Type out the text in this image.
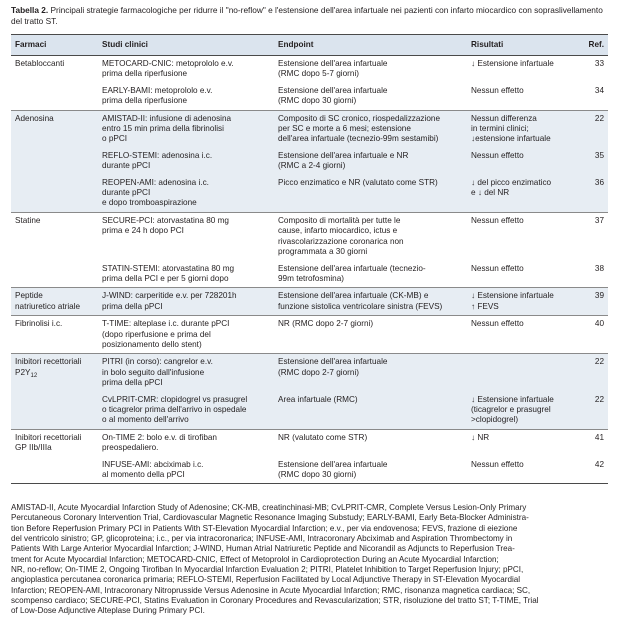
Tabella 2. Principali strategie farmacologiche per ridurre il "no-reflow" e l'estensione dell'area infartuale nei pazienti con infarto miocardico con sopraslivellamento del tratto ST.
Farmaci	Studi clinici	Endpoint	Risultati	Ref.

Betabloccanti	METOCARD-CNIC: metoprololo e.v.
prima della riperfusione	Estensione dell'area infartuale
(RMC dopo 5-7 giorni)	↓ Estensione infartuale	33

	EARLY-BAMI: metoprololo e.v.
prima della riperfusione	Estensione dell'area infartuale
(RMC dopo 30 giorni)	Nessun effetto	34

Adenosina	AMISTAD-II: infusione di adenosina
entro 15 min prima della fibrinolisi
o pPCI	Composito di SC cronico, riospedalizzazione
per SC e morte a 6 mesi; estensione
dell'area infartuale (tecnezio-99m sestamibi)	Nessun differenza
in termini clinici;
↓estensione infartuale	22

	REFLO-STEMI: adenosina i.c.
durante pPCI	Estensione dell'area infartuale e NR
(RMC a 2-4 giorni)	Nessun effetto	35

	REOPEN-AMI: adenosina i.c.
durante pPCI
e dopo tromboaspirazione	Picco enzimatico e NR (valutato come STR)	↓ del picco enzimatico
e ↓ del NR	36

Statine	SECURE-PCI: atorvastatina 80 mg
prima e 24 h dopo PCI	Composito di mortalità per tutte le
cause, infarto miocardico, ictus e
rivascolarizzazione coronarica non
programmata a 30 giorni	Nessun effetto	37

	STATIN-STEMI: atorvastatina 80 mg
prima della PCI e per 5 giorni dopo	Estensione dell'area infartuale (tecnezio-
99m tetrofosmina)	Nessun effetto	38

Peptide
natriuretico atriale	J-WIND: carperitide e.v. per 728201h
prima della pPCI	Estensione dell'area infartuale (CK-MB) e
funzione sistolica ventricolare sinistra (FEVS)	↓ Estensione infartuale
↑ FEVS	39

Fibrinolisi i.c.	T-TIME: alteplase i.c. durante pPCI
(dopo riperfusione e prima del
posizionamento dello stent)	NR (RMC dopo 2-7 giorni)	Nessun effetto	40

Inibitori recettoriali
$P2Y_{12}$	PITRI (in corso): cangrelor e.v.
in bolo seguito dall'infusione
prima della pPCI	Estensione dell'area infartuale
(RMC dopo 2-7 giorni)		22

	CvLPRIT-CMR: clopidogrel vs prasugrel
o ticagrelor prima dell'arrivo in ospedale
o al momento dell'arrivo	Area infartuale (RMC)	↓ Estensione infartuale
(ticagrelor e prasugrel
>clopidogrel)	22

Inibitori recettoriali
GP IIb/IIIa	On-TIME 2: bolo e.v. di tirofiban
preospedaliero.	NR (valutato come STR)	↓ NR	41

	INFUSE-AMI: abciximab i.c.
al momento della pPCI	Estensione dell'area infartuale
(RMC dopo 30 giorni)	Nessun effetto	42
AMISTAD-II, Acute Myocardial Infarction Study of Adenosine; CK-MB, creatinchinasi-MB; CvLPRIT-CMR, Complete Versus Lesion-Only Primary
Percutaneous Coronary Intervention Trial, Cardiovascular Magnetic Resonance Imaging Substudy; EARLY-BAMI, Early Beta-Blocker Administra-
tion Before Reperfusion Primary PCI in Patients With ST-Elevation Myocardial Infarction; e.v., per via endovenosa; FEVS, frazione di eiezione
del ventricolo sinistro; GP, glicoproteina; i.c., per via intracoronarica; INFUSE-AMI, Intracoronary Abciximab and Aspiration Thrombectomy in
Patients With Large Anterior Myocardial Infarction; J-WIND, Human Atrial Natriuretic Peptide and Nicorandil as Adjuncts to Reperfusion Trea-
tment for Acute Myocardial Infarction; METOCARD-CNIC, Effect of Metoprolol in Cardioprotection During an Acute Myocardial Infarction;
NR, no-reflow; On-TIME 2, Ongoing Tirofiban In Myocardial Infarction Evaluation 2; PITRI, Platelet Inhibition to Target Reperfusion Injury; pPCI,
angioplastica percutanea coronarica primaria; REFLO-STEMI, Reperfusion Facilitated by Local Adjunctive Therapy in ST-Elevation Myocardial
Infarction; REOPEN-AMI, Intracoronary Nitroprusside Versus Adenosine in Acute Myocardial Infarction; RMC, risonanza magnetica cardiaca; SC,
scompenso cardiaco; SECURE-PCI, Statins Evaluation in Coronary Procedures and Revascularization; STR, risoluzione del tratto ST; T-TIME, Trial
of Low-Dose Adjunctive Alteplase During Primary PCI.
